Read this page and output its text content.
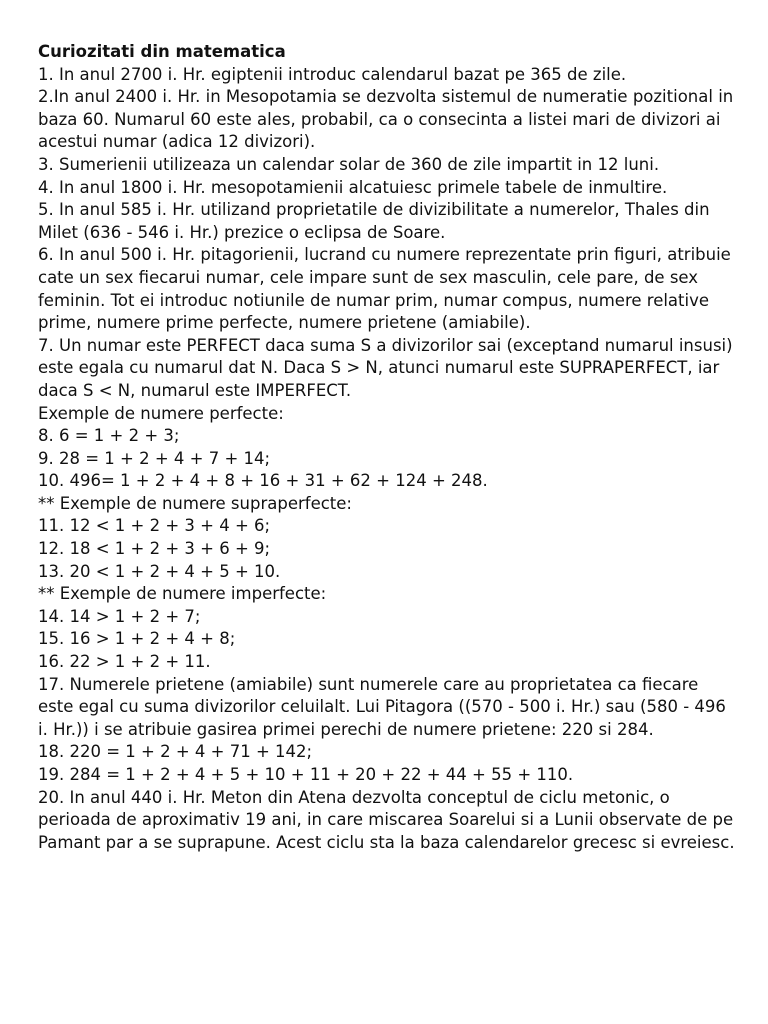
Curiozitati din matematica

1. In anul 2700 i. Hr. egiptenii introduc calendarul bazat pe 365 de zile.

2.In anul 2400 i. Hr. in Mesopotamia se dezvolta sistemul de numeratie pozitional in baza 60. Numarul 60 este ales, probabil, ca o consecinta a listei mari de divizori ai acestui numar (adica 12 divizori).

3. Sumerienii utilizeaza un calendar solar de 360 de zile impartit in 12 luni.

4. In anul 1800 i. Hr. mesopotamienii alcatuiesc primele tabele de inmultire.

5. In anul 585 i. Hr. utilizand proprietatile de divizibilitate a numerelor, Thales din Milet (636 - 546 i. Hr.) prezice o eclipsa de Soare.

6. In anul 500 i. Hr. pitagorienii, lucrand cu numere reprezentate prin figuri, atribuie cate un sex fiecarui numar, cele impare sunt de sex masculin, cele pare, de sex feminin. Tot ei introduc notiunile de numar prim, numar compus, numere relative prime, numere prime perfecte, numere prietene (amiabile).

7. Un numar este PERFECT daca suma S a divizorilor sai (exceptand numarul insusi) este egala cu numarul dat N. Daca S > N, atunci numarul este SUPRAPERFECT, iar daca S < N, numarul este IMPERFECT.

Exemple de numere perfecte:

8. 6 = 1 + 2 + 3;

9. 28 = 1 + 2 + 4 + 7 + 14;

10. 496= 1 + 2 + 4 + 8 + 16 + 31 + 62 + 124 + 248.

** Exemple de numere supraperfecte:

11. 12 < 1 + 2 + 3 + 4 + 6;

12. 18 < 1 + 2 + 3 + 6 + 9;

13. 20 < 1 + 2 + 4 + 5 + 10.

** Exemple de numere imperfecte:

14. 14 > 1 + 2 + 7;

15. 16 > 1 + 2 + 4 + 8;

16. 22 > 1 + 2 + 11.

17. Numerele prietene (amiabile) sunt numerele care au proprietatea ca fiecare este egal cu suma divizorilor celuilalt. Lui Pitagora ((570 - 500 i. Hr.) sau (580 - 496 i. Hr.)) i se atribuie gasirea primei perechi de numere prietene: 220 si 284.

18. 220 = 1 + 2 + 4 + 71 + 142;

19. 284 = 1 + 2 + 4 + 5 + 10 + 11 + 20 + 22 + 44 + 55 + 110.

20. In anul 440 i. Hr. Meton din Atena dezvolta conceptul de ciclu metonic, o perioada de aproximativ 19 ani, in care miscarea Soarelui si a Lunii observate de pe Pamant par a se suprapune. Acest ciclu sta la baza calendarelor grecesc si evreiesc.
